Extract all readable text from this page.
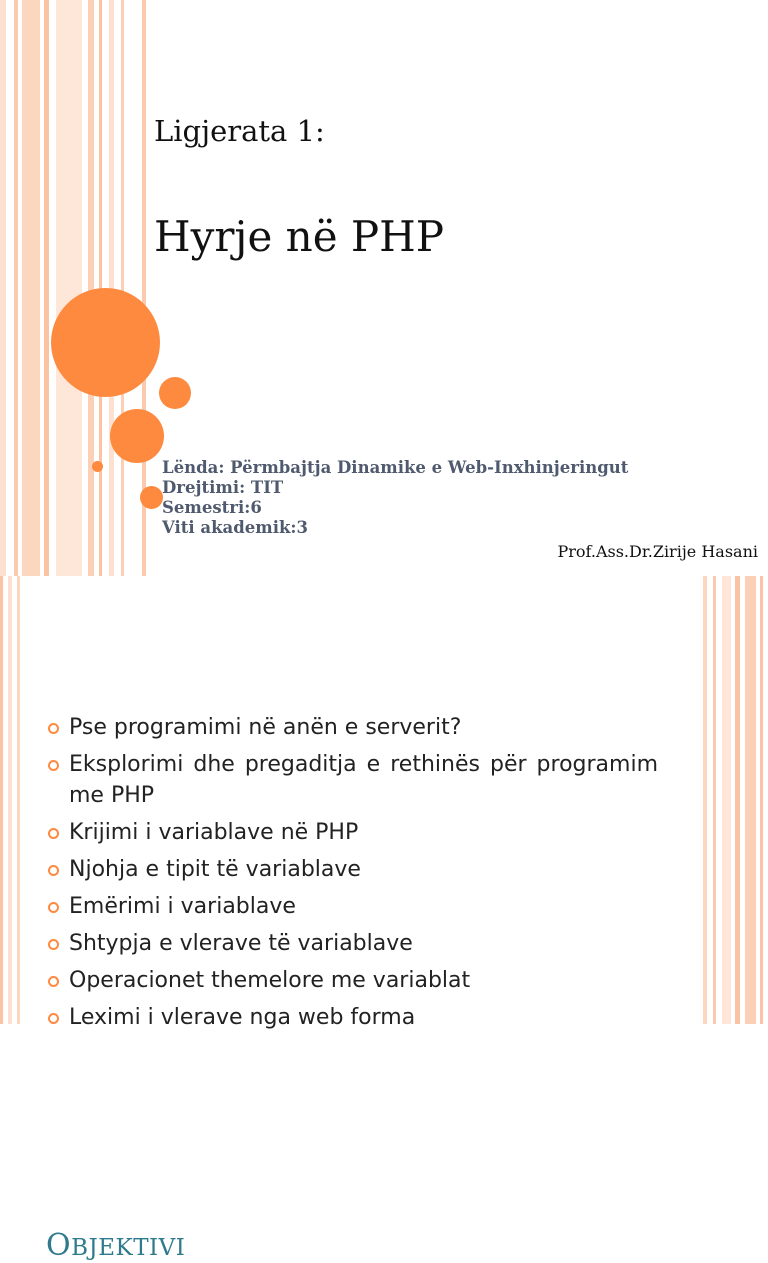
Ligjerata 1:
Hyrje në PHP
Lënda: Përmbajtja Dinamike e Web-Inxhinjeringut
Drejtimi: TIT
Semestri:6
Viti akademik:3
Prof.Ass.Dr.Zirije Hasani
OBJEKTIVI
Pse programimi në anën e serverit?
Eksplorimi dhe pregaditja e rethinës për programim me PHP
Krijimi i variablave në PHP
Njohja e tipit të variablave
Emërimi i variablave
Shtypja e vlerave të variablave
Operacionet themelore me variablat
Leximi i vlerave nga web forma
